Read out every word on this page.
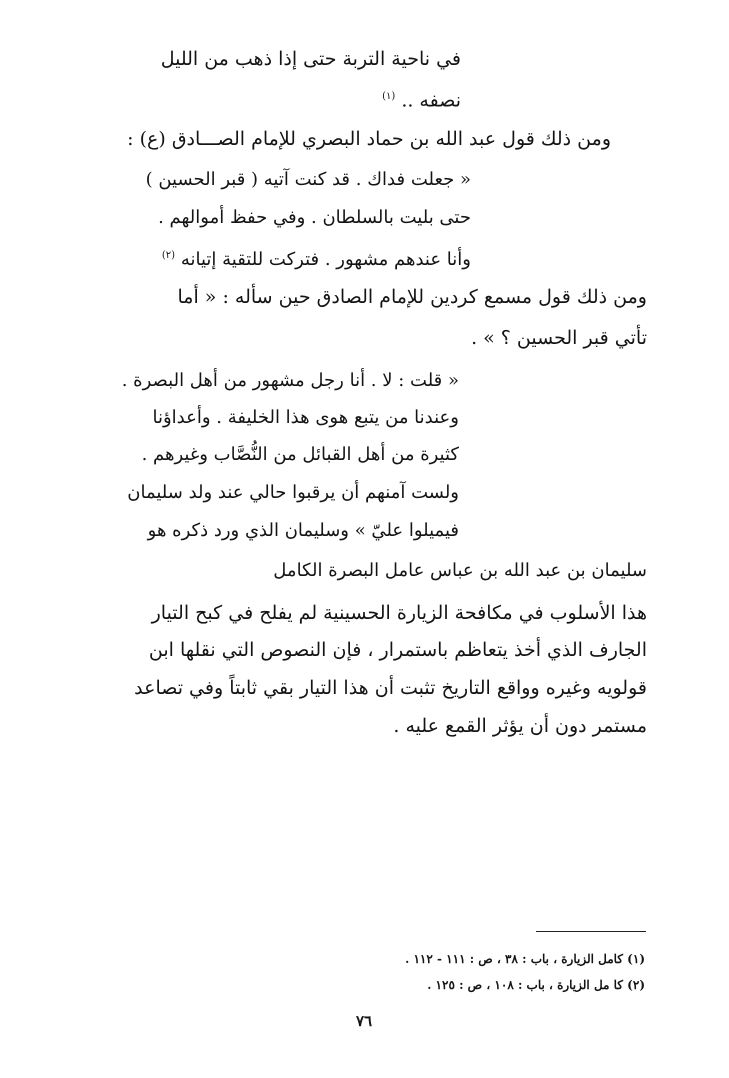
في ناحية التربة حتى إذا ذهب من الليل
نصفه .. $^{(١)}$
ومن ذلك قول عبد الله بن حماد البصري للإمام الصـــادق (ع) :
« جعلت فداك . قد كنت آتيه ( قبر الحسين )
حتى بليت بالسلطان . وفي حفظ أموالهم .
وأنا عندهم مشهور . فتركت للتقية إتيانه $^{(٢)}$
ومن ذلك قول مسمع كردين للإمام الصادق حين سأله : « أما
تأتي قبر الحسين ؟ » .
« قلت : لا . أنا رجل مشهور من أهل البصرة .
وعندنا من يتبع هوى هذا الخليفة . وأعداؤنا
كثيرة من أهل القبائل من النُّصَّاب وغيرهم .
ولست آمنهم أن يرقبوا حالي عند ولد سليمان
فيميلوا عليّ » وسليمان الذي ورد ذكره هو
سليمان بن عبد الله بن عباس عامل البصرة الكامل
هذا الأسلوب في مكافحة الزيارة الحسينية لم يفلح في كبح التيار
الجارف الذي أخذ يتعاظم باستمرار ، فإن النصوص التي نقلها ابن
قولويه وغيره وواقع التاريخ تثبت أن هذا التيار بقي ثابتاً وفي تصاعد
مستمر دون أن يؤثر القمع عليه .
(١) كامل الزيارة ، باب : ٣٨ ، ص : ١١١ - ١١٢ .
(٢) كا مل الزيارة ، باب : ١٠٨ ، ص : ١٢٥ .
٧٦
